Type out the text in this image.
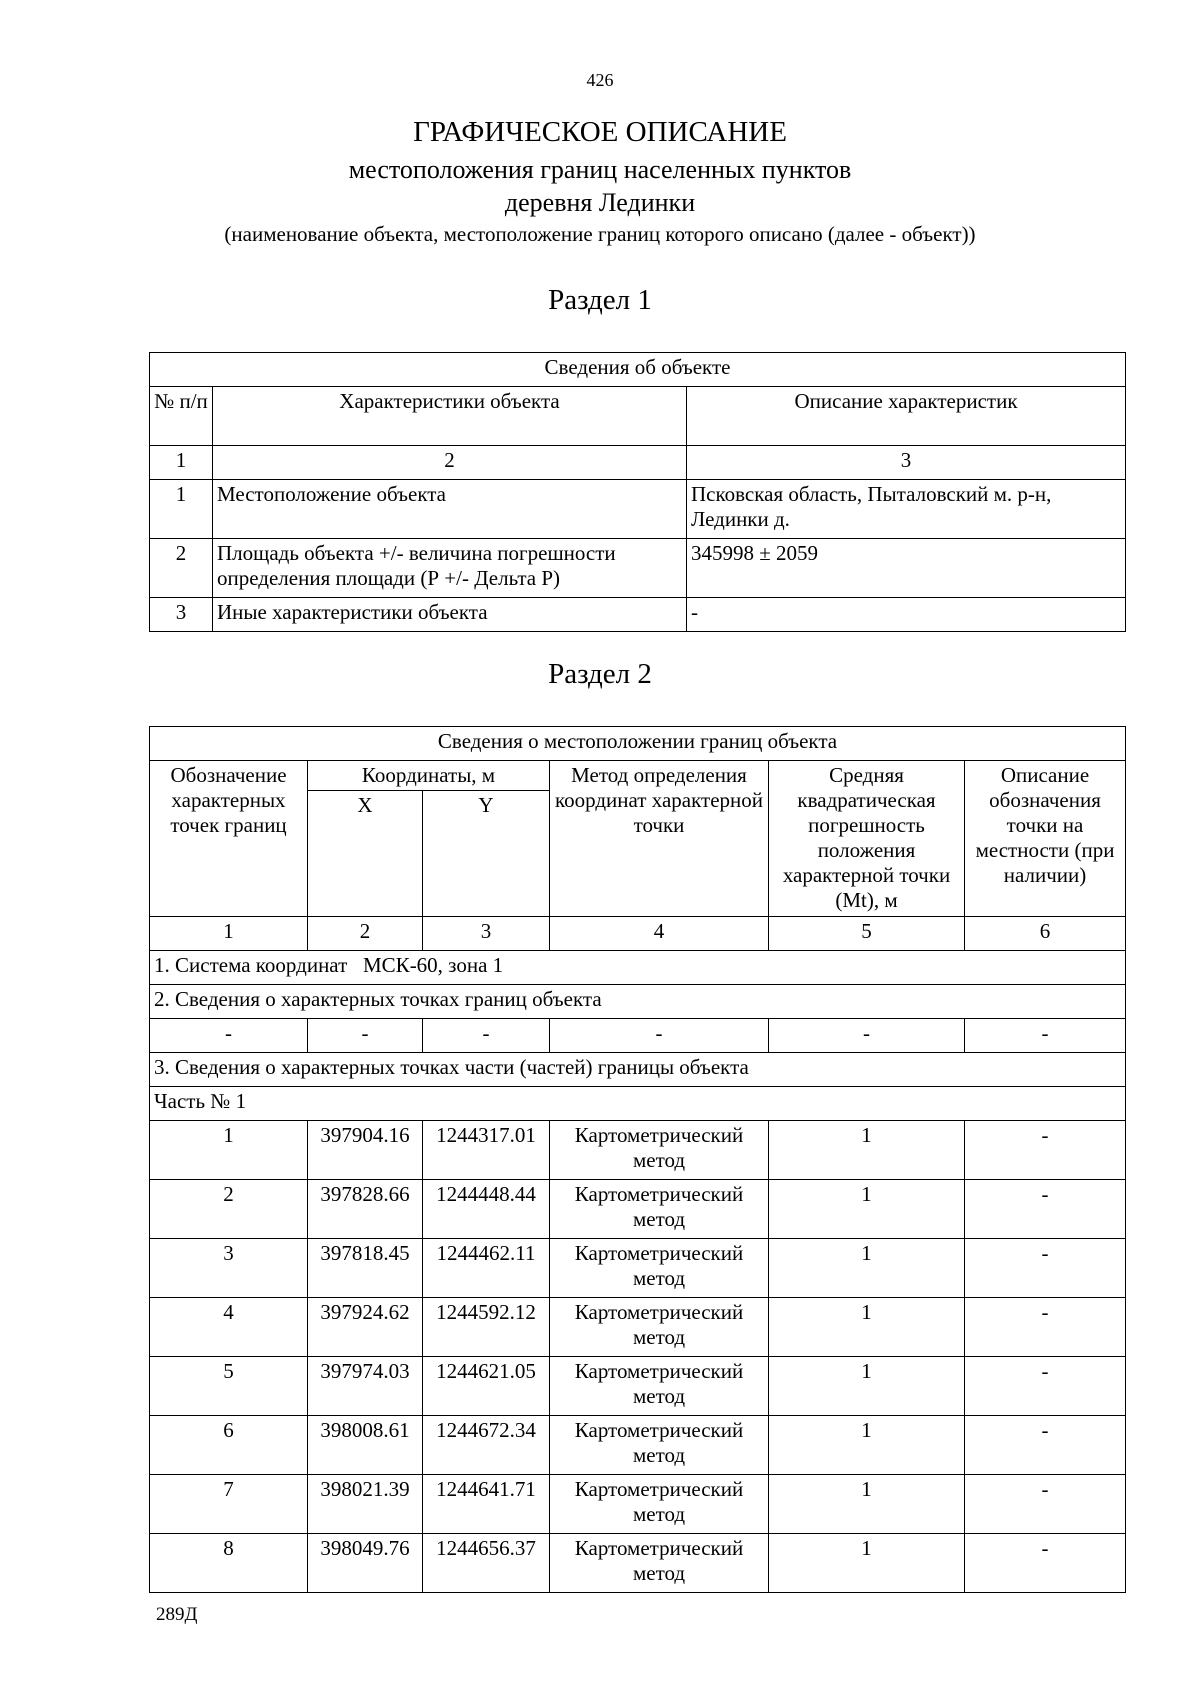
426
ГРАФИЧЕСКОЕ ОПИСАНИЕ
местоположения границ населенных пунктов
деревня Лединки
(наименование объекта, местоположение границ которого описано (далее - объект))
Раздел 1
Сведения об объекте		
№ п/п	Характеристики объекта	Описание характеристик
1	2	3
1	Местоположение объекта	Псковская область, Пыталовский м. р-н, Лединки д.
2	Площадь объекта +/- величина погрешности определения площади (Р +/- Дельта Р)	345998 ± 2059
3	Иные характеристики объекта	-
Раздел 2
Сведения о местоположении границ объекта					
Обозначение характерных точек границ	Координаты, м		Метод определения координат характерной точки	Средняя квадратическая погрешность положения характерной точки (Mt), м	Описание обозначения точки на местности (при наличии)
	X	Y			
1	2	3	4	5	6
1. Система координат   МСК-60, зона 1					
2. Сведения о характерных точках границ объекта					
-	-	-	-	-	-
3. Сведения о характерных точках части (частей) границы объекта					
Часть № 1					
1	397904.16	1244317.01	Картометрический метод	1	-
2	397828.66	1244448.44	Картометрический метод	1	-
3	397818.45	1244462.11	Картометрический метод	1	-
4	397924.62	1244592.12	Картометрический метод	1	-
5	397974.03	1244621.05	Картометрический метод	1	-
6	398008.61	1244672.34	Картометрический метод	1	-
7	398021.39	1244641.71	Картометрический метод	1	-
8	398049.76	1244656.37	Картометрический метод	1	-
289Д
